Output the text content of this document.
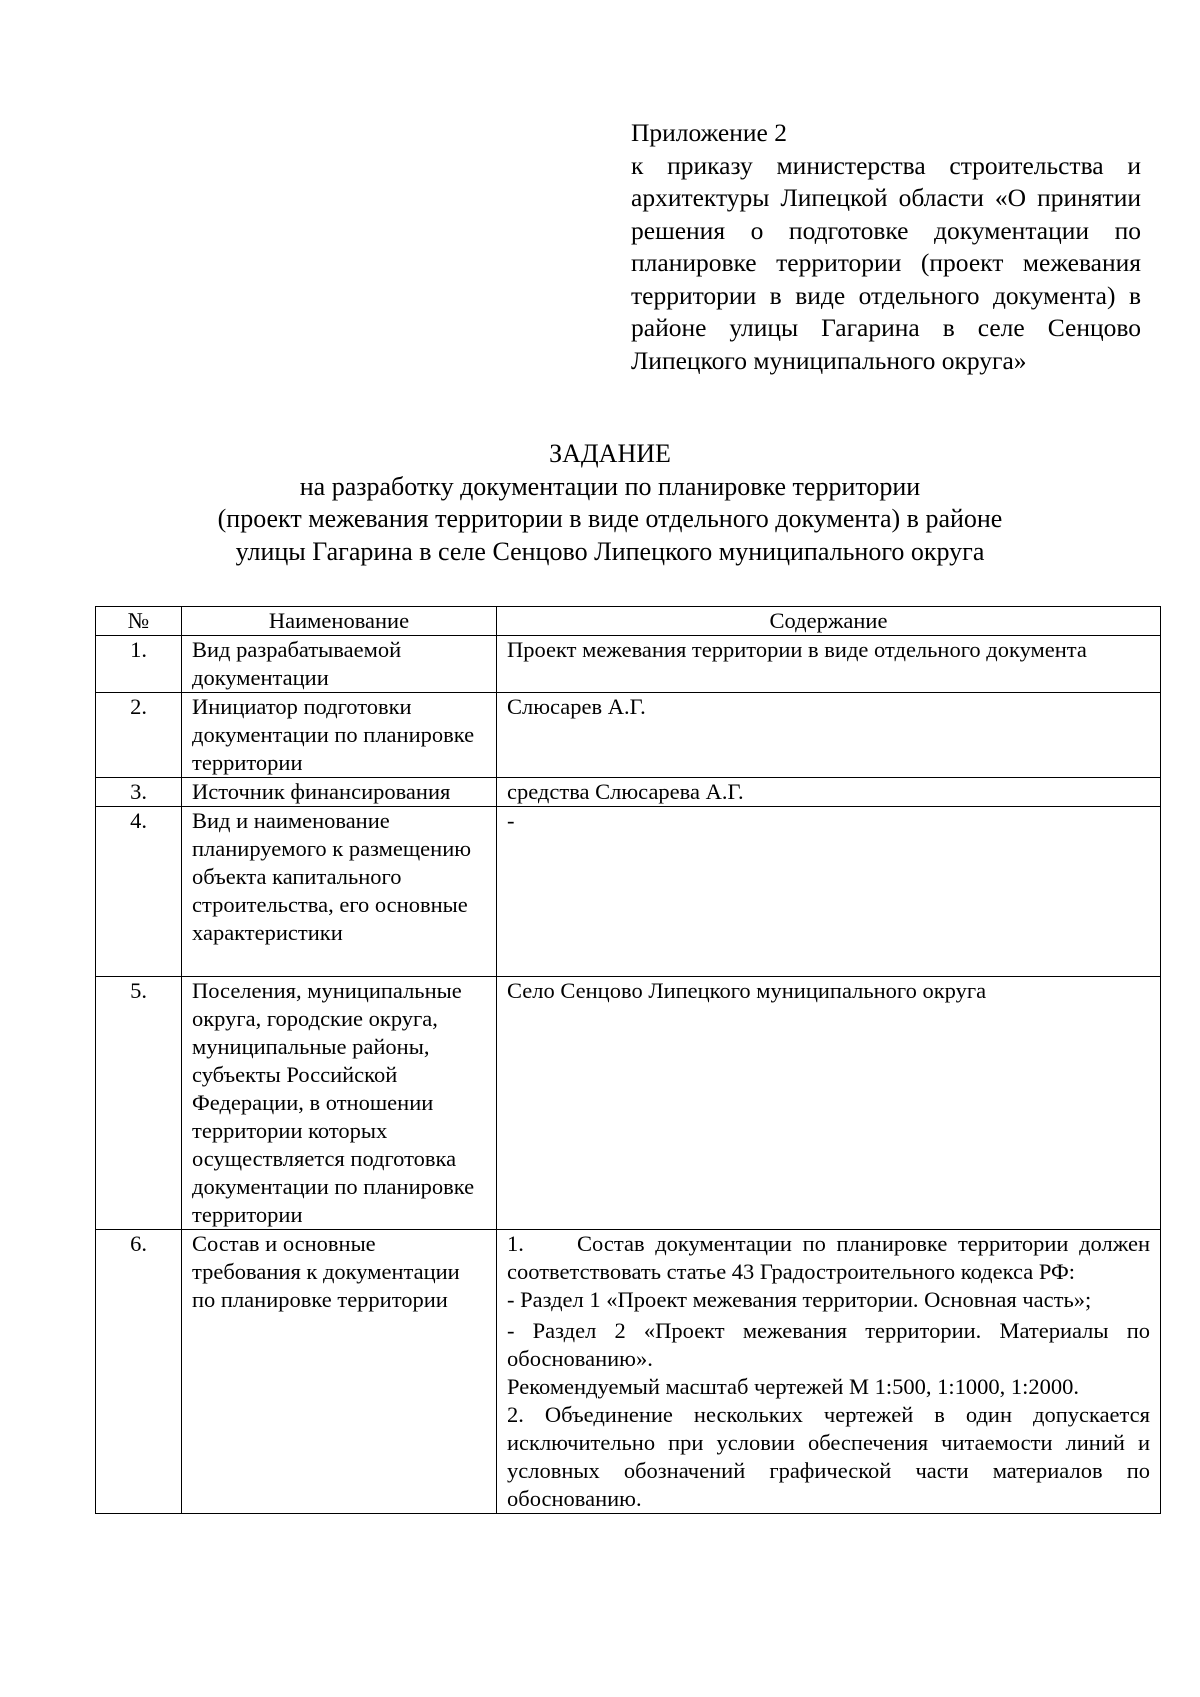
Приложение 2
к приказу министерства строительства и архитектуры Липецкой области «О принятии решения о подготовке документации по планировке территории (проект межевания территории в виде отдельного документа) в районе улицы Гагарина в селе Сенцово Липецкого муниципального округа»
ЗАДАНИЕ
на разработку документации по планировке территории
(проект межевания территории в виде отдельного документа) в районе
улицы Гагарина в селе Сенцово Липецкого муниципального округа
№	Наименование	Содержание
1.	Вид разрабатываемой документации	Проект межевания территории в виде отдельного документа
2.	Инициатор подготовки документации по планировке территории	Слюсарев А.Г.
3.	Источник финансирования	средства Слюсарева А.Г.
4.	Вид и наименование планируемого к размещению объекта капитального строительства, его основные характеристики	-
5.	Поселения, муниципальные округа, городские округа, муниципальные районы, субъекты Российской Федерации, в отношении территории которых осуществляется подготовка документации по планировке территории	Село Сенцово Липецкого муниципального округа
6.	Состав и основные требования к документации по планировке территории	1.     Состав документации по планировке территории должен соответствовать статье 43 Градостроительного кодекса РФ:

- Раздел 1 «Проект межевания территории. Основная часть»;

- Раздел 2 «Проект межевания территории. Материалы по обоснованию».

Рекомендуемый масштаб чертежей М 1:500, 1:1000, 1:2000.

2. Объединение нескольких чертежей в один допускается исключительно при условии обеспечения читаемости линий и условных обозначений графической части материалов по обоснованию.
